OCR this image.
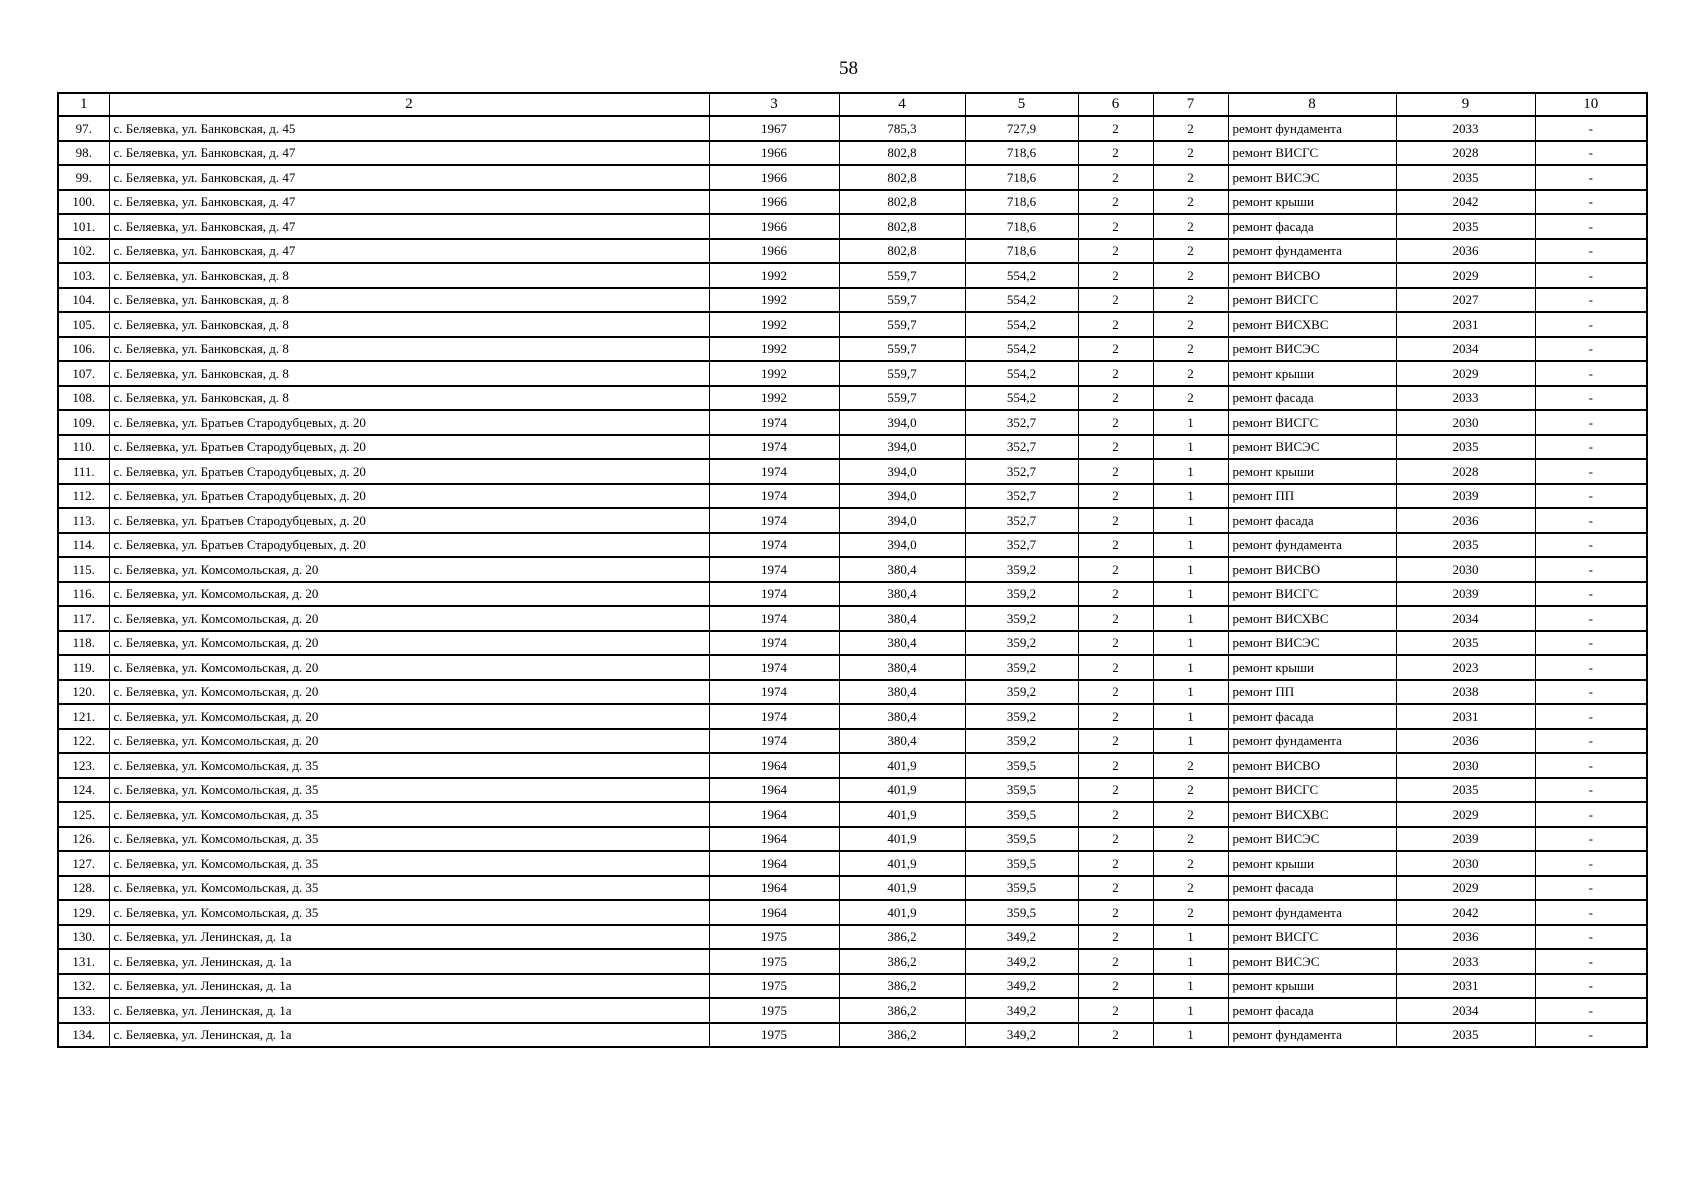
58
1	2	3	4	5	6	7	8	9	10
97.	с. Беляевка, ул. Банковская, д. 45	1967	785,3	727,9	2	2	ремонт фундамента	2033	-
98.	с. Беляевка, ул. Банковская, д. 47	1966	802,8	718,6	2	2	ремонт ВИСГС	2028	-
99.	с. Беляевка, ул. Банковская, д. 47	1966	802,8	718,6	2	2	ремонт ВИСЭС	2035	-
100.	с. Беляевка, ул. Банковская, д. 47	1966	802,8	718,6	2	2	ремонт крыши	2042	-
101.	с. Беляевка, ул. Банковская, д. 47	1966	802,8	718,6	2	2	ремонт фасада	2035	-
102.	с. Беляевка, ул. Банковская, д. 47	1966	802,8	718,6	2	2	ремонт фундамента	2036	-
103.	с. Беляевка, ул. Банковская, д. 8	1992	559,7	554,2	2	2	ремонт ВИСВО	2029	-
104.	с. Беляевка, ул. Банковская, д. 8	1992	559,7	554,2	2	2	ремонт ВИСГС	2027	-
105.	с. Беляевка, ул. Банковская, д. 8	1992	559,7	554,2	2	2	ремонт ВИСХВС	2031	-
106.	с. Беляевка, ул. Банковская, д. 8	1992	559,7	554,2	2	2	ремонт ВИСЭС	2034	-
107.	с. Беляевка, ул. Банковская, д. 8	1992	559,7	554,2	2	2	ремонт крыши	2029	-
108.	с. Беляевка, ул. Банковская, д. 8	1992	559,7	554,2	2	2	ремонт фасада	2033	-
109.	с. Беляевка, ул. Братьев Стародубцевых, д. 20	1974	394,0	352,7	2	1	ремонт ВИСГС	2030	-
110.	с. Беляевка, ул. Братьев Стародубцевых, д. 20	1974	394,0	352,7	2	1	ремонт ВИСЭС	2035	-
111.	с. Беляевка, ул. Братьев Стародубцевых, д. 20	1974	394,0	352,7	2	1	ремонт крыши	2028	-
112.	с. Беляевка, ул. Братьев Стародубцевых, д. 20	1974	394,0	352,7	2	1	ремонт ПП	2039	-
113.	с. Беляевка, ул. Братьев Стародубцевых, д. 20	1974	394,0	352,7	2	1	ремонт фасада	2036	-
114.	с. Беляевка, ул. Братьев Стародубцевых, д. 20	1974	394,0	352,7	2	1	ремонт фундамента	2035	-
115.	с. Беляевка, ул. Комсомольская, д. 20	1974	380,4	359,2	2	1	ремонт ВИСВО	2030	-
116.	с. Беляевка, ул. Комсомольская, д. 20	1974	380,4	359,2	2	1	ремонт ВИСГС	2039	-
117.	с. Беляевка, ул. Комсомольская, д. 20	1974	380,4	359,2	2	1	ремонт ВИСХВС	2034	-
118.	с. Беляевка, ул. Комсомольская, д. 20	1974	380,4	359,2	2	1	ремонт ВИСЭС	2035	-
119.	с. Беляевка, ул. Комсомольская, д. 20	1974	380,4	359,2	2	1	ремонт крыши	2023	-
120.	с. Беляевка, ул. Комсомольская, д. 20	1974	380,4	359,2	2	1	ремонт ПП	2038	-
121.	с. Беляевка, ул. Комсомольская, д. 20	1974	380,4	359,2	2	1	ремонт фасада	2031	-
122.	с. Беляевка, ул. Комсомольская, д. 20	1974	380,4	359,2	2	1	ремонт фундамента	2036	-
123.	с. Беляевка, ул. Комсомольская, д. 35	1964	401,9	359,5	2	2	ремонт ВИСВО	2030	-
124.	с. Беляевка, ул. Комсомольская, д. 35	1964	401,9	359,5	2	2	ремонт ВИСГС	2035	-
125.	с. Беляевка, ул. Комсомольская, д. 35	1964	401,9	359,5	2	2	ремонт ВИСХВС	2029	-
126.	с. Беляевка, ул. Комсомольская, д. 35	1964	401,9	359,5	2	2	ремонт ВИСЭС	2039	-
127.	с. Беляевка, ул. Комсомольская, д. 35	1964	401,9	359,5	2	2	ремонт крыши	2030	-
128.	с. Беляевка, ул. Комсомольская, д. 35	1964	401,9	359,5	2	2	ремонт фасада	2029	-
129.	с. Беляевка, ул. Комсомольская, д. 35	1964	401,9	359,5	2	2	ремонт фундамента	2042	-
130.	с. Беляевка, ул. Ленинская, д. 1а	1975	386,2	349,2	2	1	ремонт ВИСГС	2036	-
131.	с. Беляевка, ул. Ленинская, д. 1а	1975	386,2	349,2	2	1	ремонт ВИСЭС	2033	-
132.	с. Беляевка, ул. Ленинская, д. 1а	1975	386,2	349,2	2	1	ремонт крыши	2031	-
133.	с. Беляевка, ул. Ленинская, д. 1а	1975	386,2	349,2	2	1	ремонт фасада	2034	-
134.	с. Беляевка, ул. Ленинская, д. 1а	1975	386,2	349,2	2	1	ремонт фундамента	2035	-
